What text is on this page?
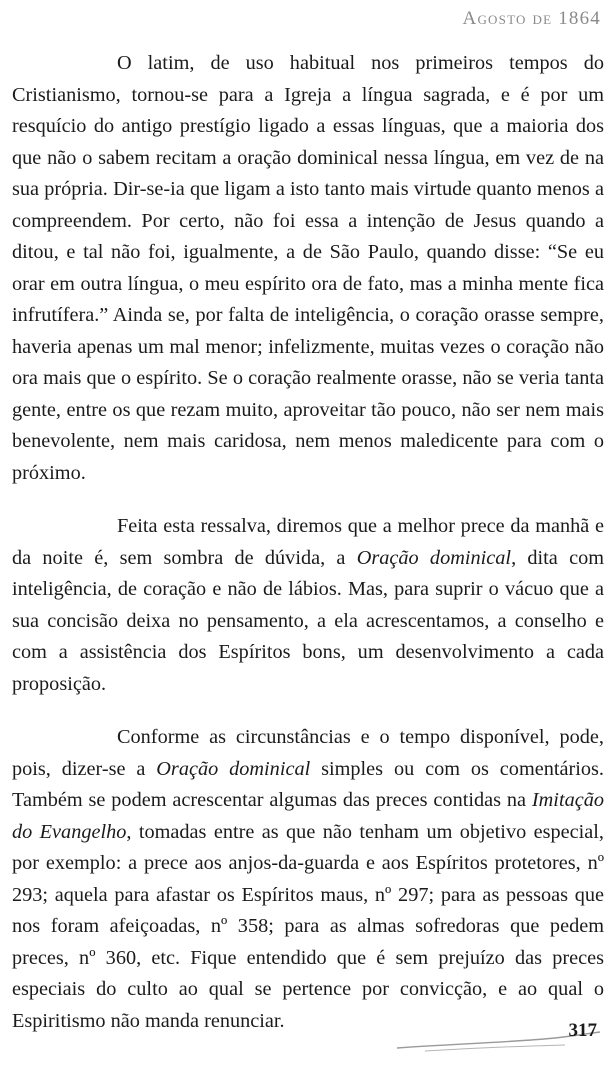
Agosto de 1864

O latim, de uso habitual nos primeiros tempos do Cristianismo, tornou-se para a Igreja a língua sagrada, e é por um resquício do antigo prestígio ligado a essas línguas, que a maioria dos que não o sabem recitam a oração dominical nessa língua, em vez de na sua própria. Dir-se-ia que ligam a isto tanto mais virtude quanto menos a compreendem. Por certo, não foi essa a intenção de Jesus quando a ditou, e tal não foi, igualmente, a de São Paulo, quando disse: “Se eu orar em outra língua, o meu espírito ora de fato, mas a minha mente fica infrutífera.” Ainda se, por falta de inteligência, o coração orasse sempre, haveria apenas um mal menor; infelizmente, muitas vezes o coração não ora mais que o espírito. Se o coração realmente orasse, não se veria tanta gente, entre os que rezam muito, aproveitar tão pouco, não ser nem mais benevolente, nem mais caridosa, nem menos maledicente para com o próximo.

Feita esta ressalva, diremos que a melhor prece da manhã e da noite é, sem sombra de dúvida, a Oração dominical, dita com inteligência, de coração e não de lábios. Mas, para suprir o vácuo que a sua concisão deixa no pensamento, a ela acrescentamos, a conselho e com a assistência dos Espíritos bons, um desenvolvimento a cada proposição.

Conforme as circunstâncias e o tempo disponível, pode, pois, dizer-se a Oração dominical simples ou com os comentários. Também se podem acrescentar algumas das preces contidas na Imitação do Evangelho, tomadas entre as que não tenham um objetivo especial, por exemplo: a prece aos anjos-da-guarda e aos Espíritos protetores, nº 293; aquela para afastar os Espíritos maus, nº 297; para as pessoas que nos foram afeiçoadas, nº 358; para as almas sofredoras que pedem preces, nº 360, etc. Fique entendido que é sem prejuízo das preces especiais do culto ao qual se pertence por convicção, e ao qual o Espiritismo não manda renunciar.	317
